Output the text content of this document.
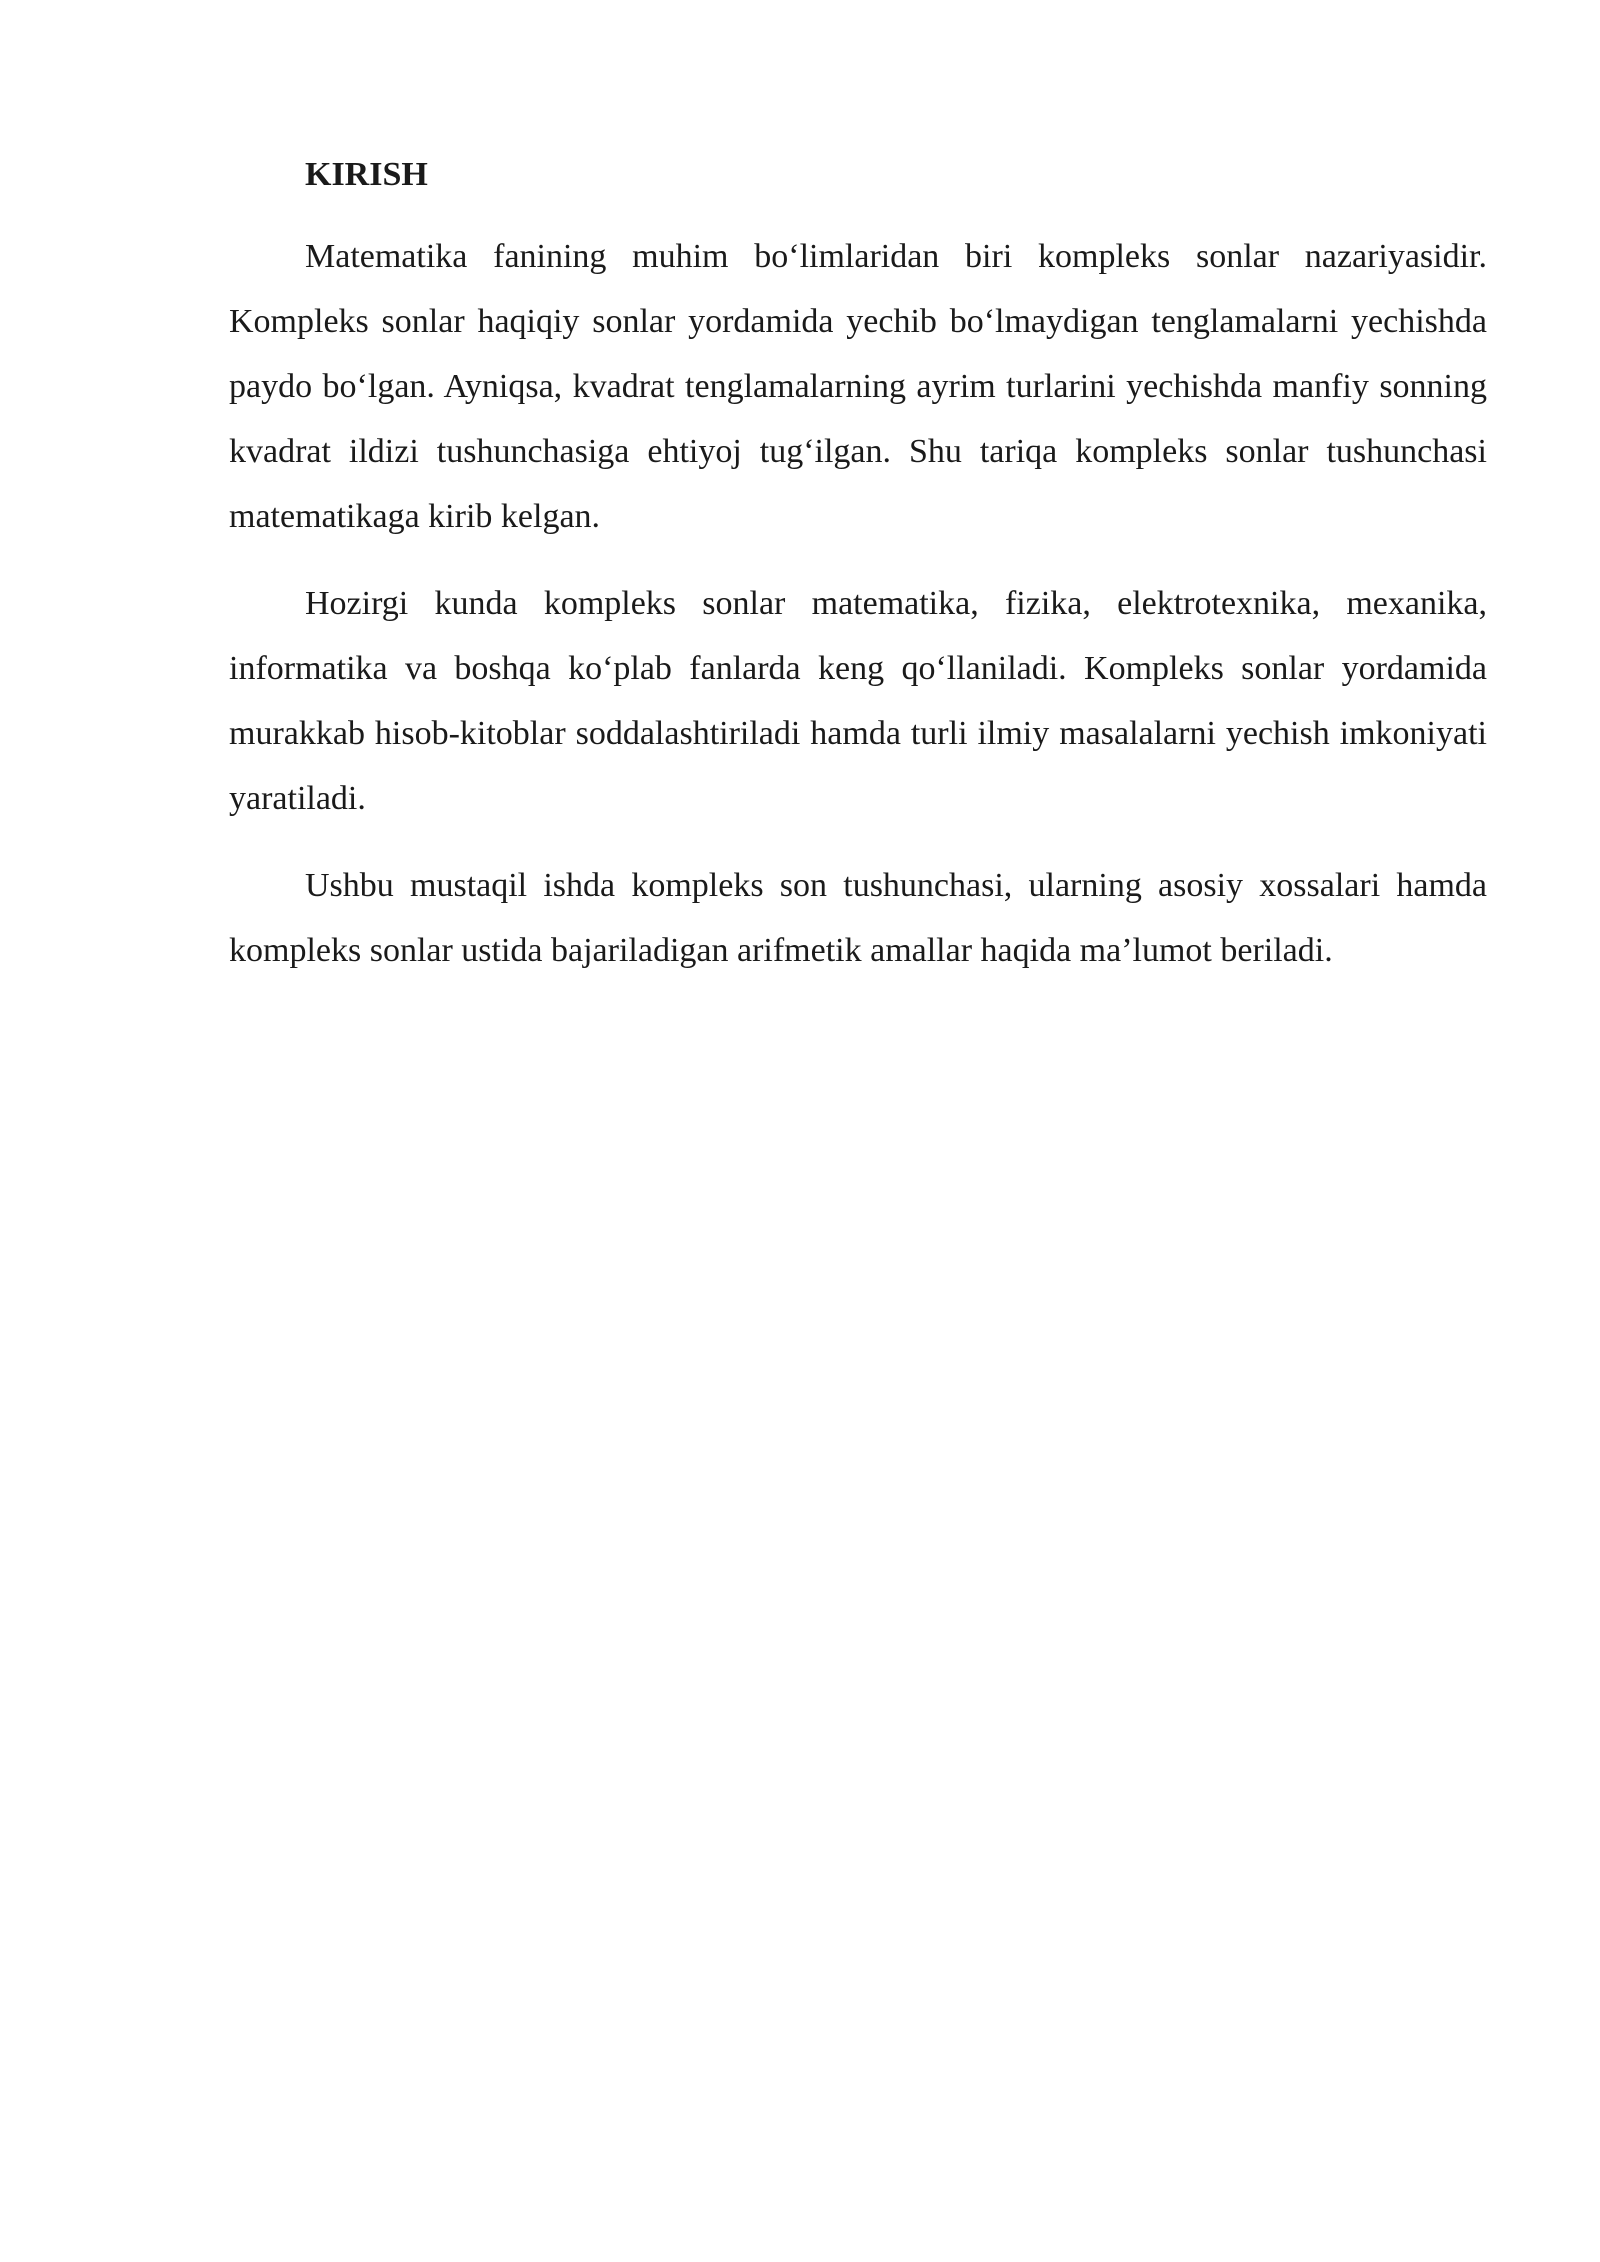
KIRISH

Matematika fanining muhim bo‘limlaridan biri kompleks sonlar nazariyasidir. Kompleks sonlar haqiqiy sonlar yordamida yechib bo‘lmaydigan tenglamalarni yechishda paydo bo‘lgan. Ayniqsa, kvadrat tenglamalarning ayrim turlarini yechishda manfiy sonning kvadrat ildizi tushunchasiga ehtiyoj tug‘ilgan. Shu tariqa kompleks sonlar tushunchasi matematikaga kirib kelgan.

Hozirgi kunda kompleks sonlar matematika, fizika, elektrotexnika, mexanika, informatika va boshqa ko‘plab fanlarda keng qo‘llaniladi. Kompleks sonlar yordamida murakkab hisob-kitoblar soddalashtiriladi hamda turli ilmiy masalalarni yechish imkoniyati yaratiladi.

Ushbu mustaqil ishda kompleks son tushunchasi, ularning asosiy xossalari hamda kompleks sonlar ustida bajariladigan arifmetik amallar haqida ma’lumot beriladi.
